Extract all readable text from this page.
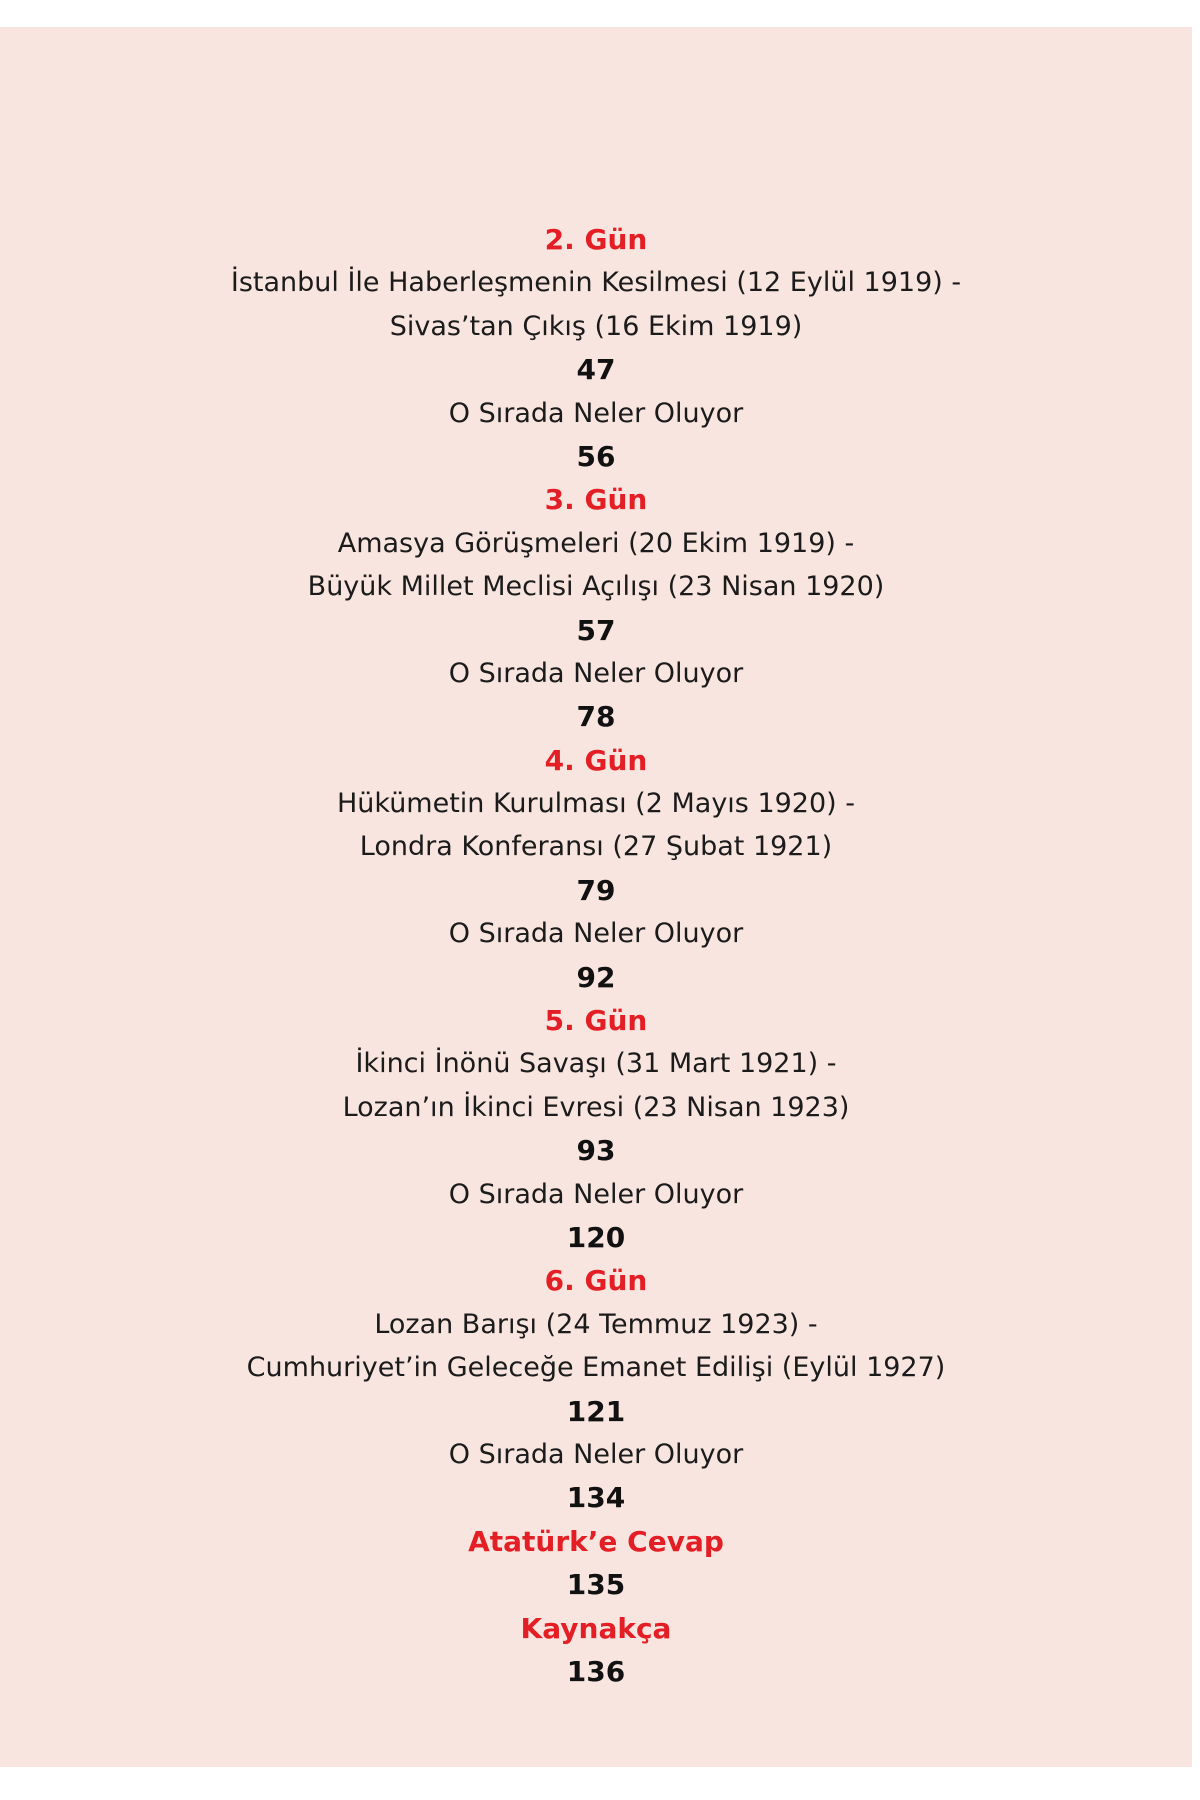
2. Gün
İstanbul İle Haberleşmenin Kesilmesi (12 Eylül 1919) -
Sivas’tan Çıkış (16 Ekim 1919)
47
O Sırada Neler Oluyor
56
3. Gün
Amasya Görüşmeleri (20 Ekim 1919) -
Büyük Millet Meclisi Açılışı (23 Nisan 1920)
57
O Sırada Neler Oluyor
78
4. Gün
Hükümetin Kurulması (2 Mayıs 1920) -
Londra Konferansı (27 Şubat 1921)
79
O Sırada Neler Oluyor
92
5. Gün
İkinci İnönü Savaşı (31 Mart 1921) -
Lozan’ın İkinci Evresi (23 Nisan 1923)
93
O Sırada Neler Oluyor
120
6. Gün
Lozan Barışı (24 Temmuz 1923) -
Cumhuriyet’in Geleceğe Emanet Edilişi (Eylül 1927)
121
O Sırada Neler Oluyor
134
Atatürk’e Cevap
135
Kaynakça
136
